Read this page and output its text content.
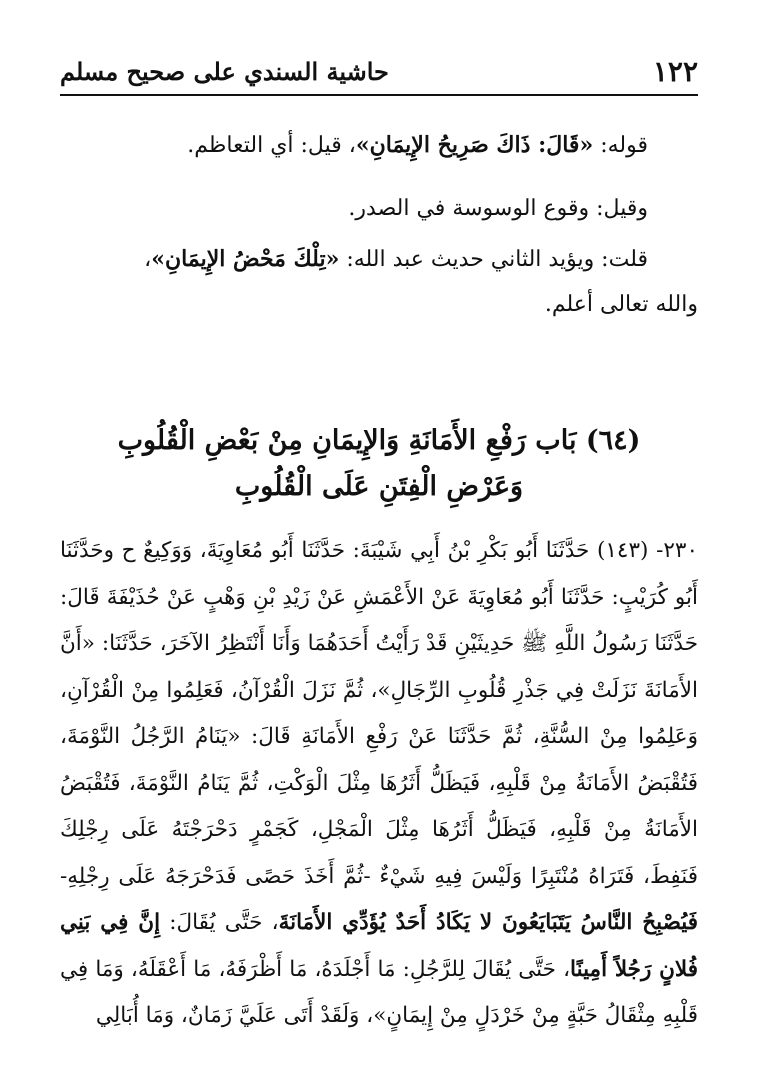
حاشية السندي على صحيح مسلم	١٢٢
قوله: «قَالَ: ذَاكَ صَرِيحُ الإِيمَانِ»، قيل: أي التعاظم.
وقيل: وقوع الوسوسة في الصدر.
قلت: ويؤيد الثاني حديث عبد الله: «تِلْكَ مَحْضُ الإِيمَانِ»،
والله تعالى أعلم.
(٦٤) بَاب رَفْعِ الأَمَانَةِ وَالإِيمَانِ مِنْ بَعْضِ الْقُلُوبِ
وَعَرْضِ الْفِتَنِ عَلَى الْقُلُوبِ

٢٣٠- (١٤٣) حَدَّثَنَا أَبُو بَكْرِ بْنُ أَبِي شَيْبَةَ: حَدَّثَنَا أَبُو مُعَاوِيَةَ، وَوَكِيعٌ ح وحَدَّثَنَا أَبُو كُرَيْبٍ: حَدَّثَنَا أَبُو مُعَاوِيَةَ عَنْ الأَعْمَشِ عَنْ زَيْدِ بْنِ وَهْبٍ عَنْ حُذَيْفَةَ قَالَ: حَدَّثَنَا رَسُولُ اللَّهِ ﷺ حَدِيثَيْنِ قَدْ رَأَيْتُ أَحَدَهُمَا وَأَنَا أَنْتَظِرُ الآخَرَ، حَدَّثَنَا: «أَنَّ الأَمَانَةَ نَزَلَتْ فِي جَذْرِ قُلُوبِ الرِّجَالِ»، ثُمَّ نَزَلَ الْقُرْآنُ، فَعَلِمُوا مِنْ الْقُرْآنِ، وَعَلِمُوا مِنْ السُّنَّةِ، ثُمَّ حَدَّثَنَا عَنْ رَفْعِ الأَمَانَةِ قَالَ: «يَنَامُ الرَّجُلُ النَّوْمَةَ، فَتُقْبَضُ الأَمَانَةُ مِنْ قَلْبِهِ، فَيَظَلُّ أَثَرُهَا مِثْلَ الْوَكْتِ، ثُمَّ يَنَامُ النَّوْمَةَ، فَتُقْبَضُ الأَمَانَةُ مِنْ قَلْبِهِ، فَيَظَلُّ أَثَرُهَا مِثْلَ الْمَجْلِ، كَجَمْرٍ دَحْرَجْتَهُ عَلَى رِجْلِكَ فَنَفِطَ، فَتَرَاهُ مُنْتَبِرًا وَلَيْسَ فِيهِ شَيْءٌ -ثُمَّ أَخَذَ حَصًى فَدَحْرَجَهُ عَلَى رِجْلِهِ- فَيُصْبِحُ النَّاسُ يَتَبَايَعُونَ لا يَكَادُ أَحَدٌ يُؤَدِّي الأَمَانَةَ، حَتَّى يُقَالَ: إِنَّ فِي بَنِي فُلانٍ رَجُلاً أَمِينًا، حَتَّى يُقَالَ لِلرَّجُلِ: مَا أَجْلَدَهُ، مَا أَظْرَفَهُ، مَا أَعْقَلَهُ، وَمَا فِي قَلْبِهِ مِثْقَالُ حَبَّةٍ مِنْ خَرْدَلٍ مِنْ إِيمَانٍ»، وَلَقَدْ أَتَى عَلَيَّ زَمَانٌ، وَمَا أُبَالِي
